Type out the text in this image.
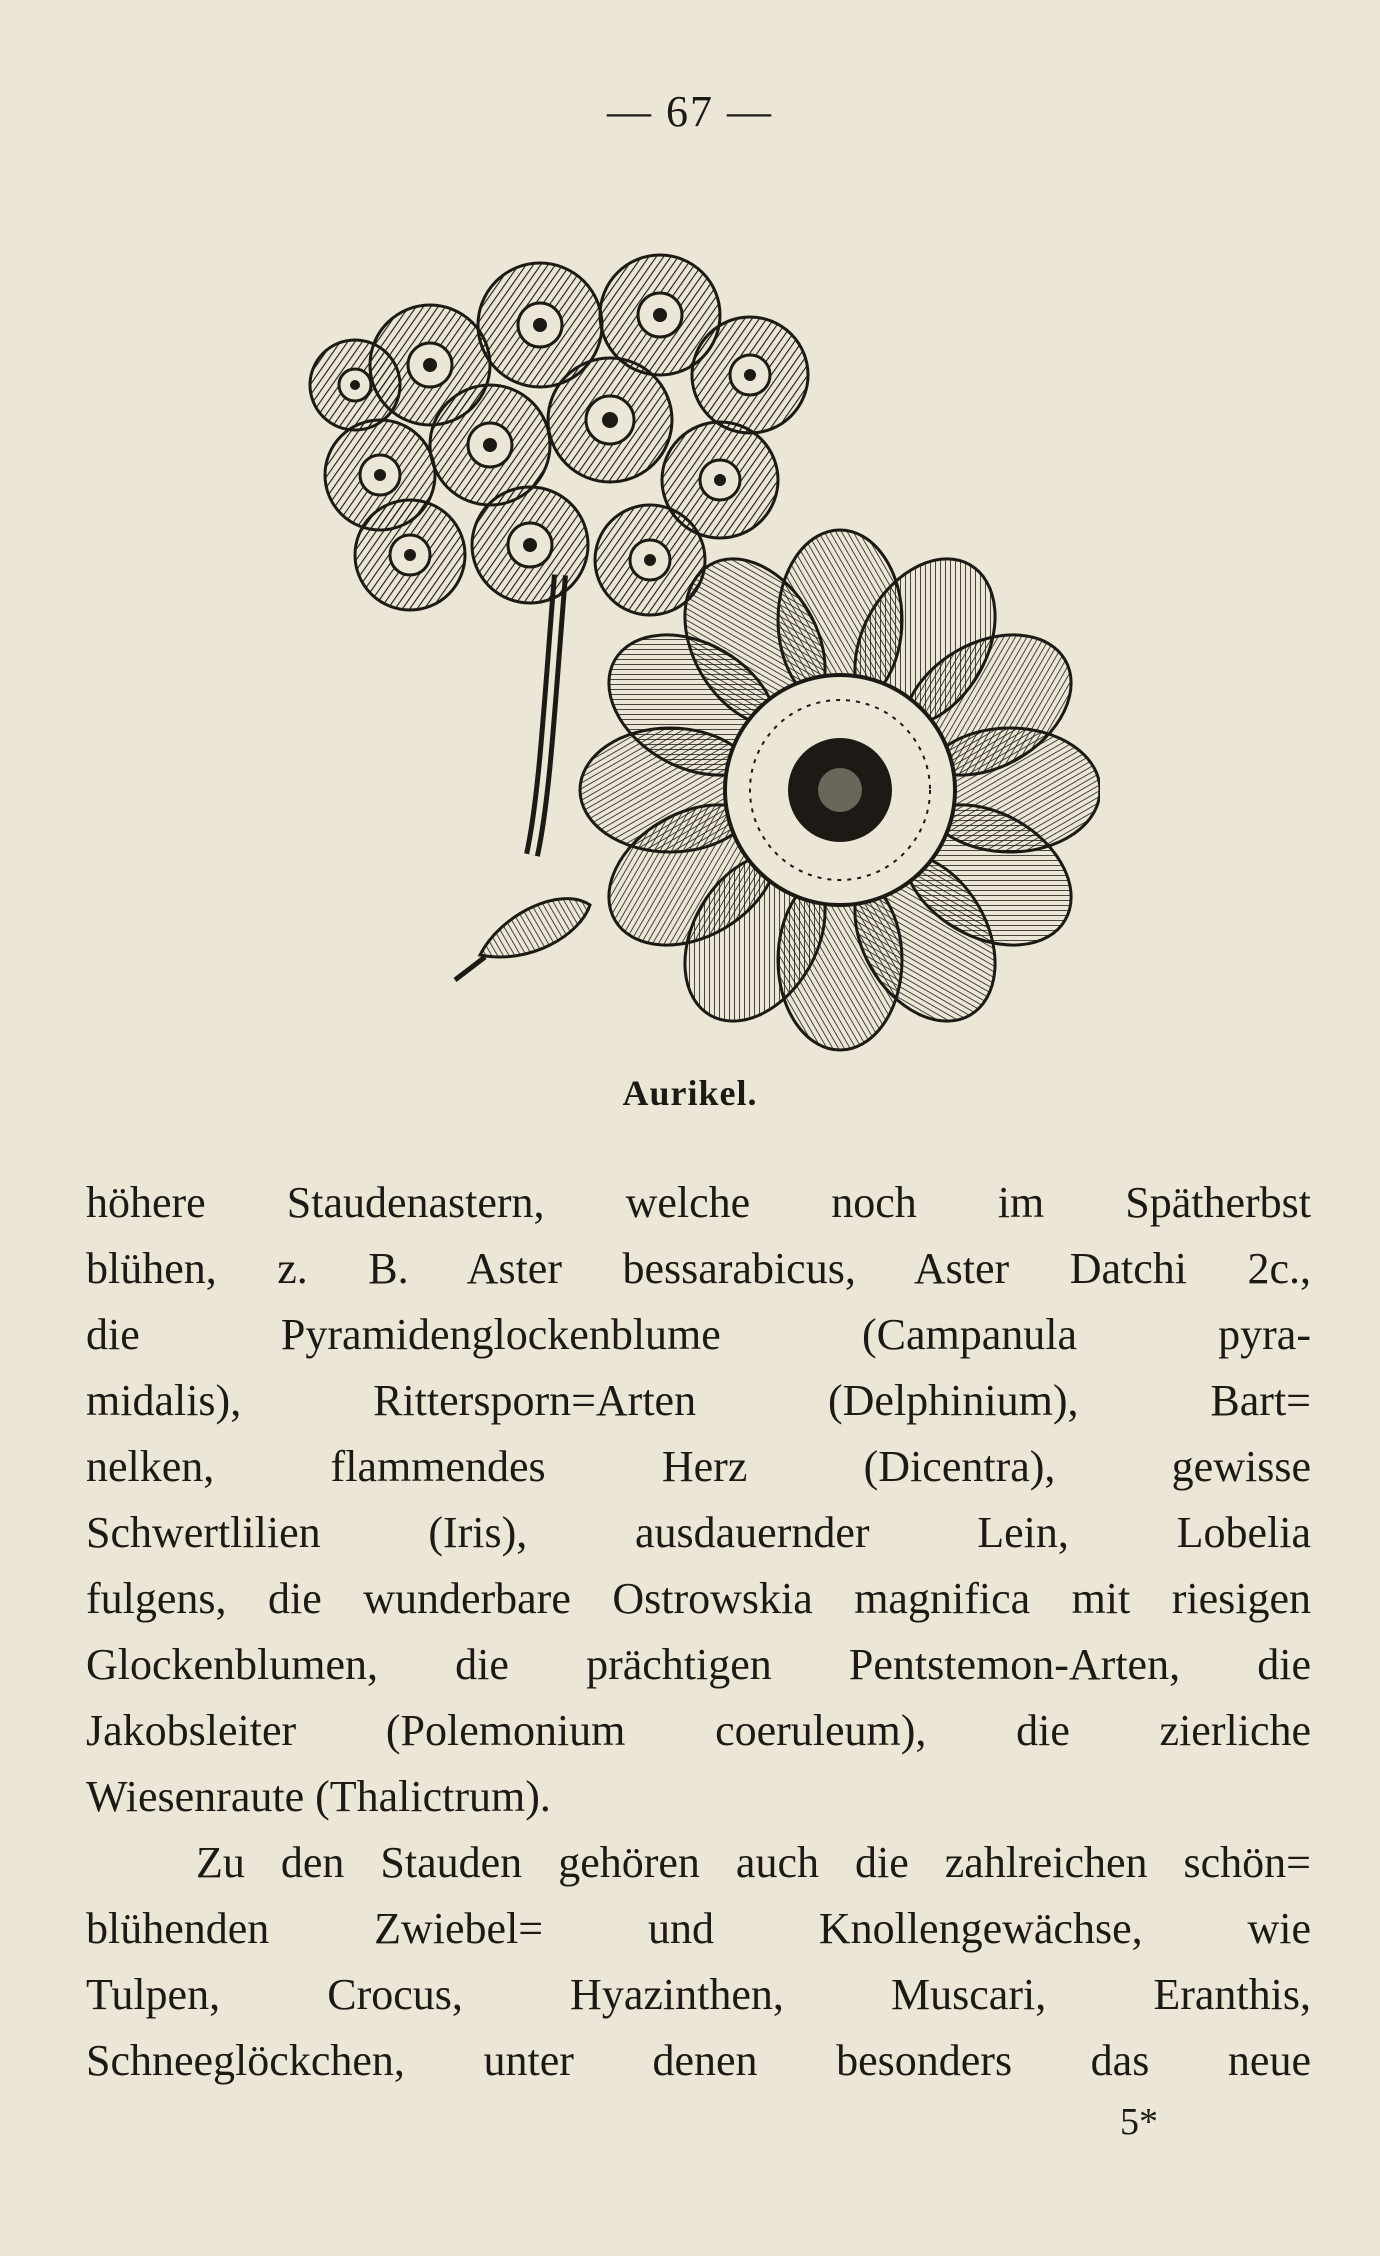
— 67 —
Aurikel.
höhere Staudenastern, welche noch im Spätherbst
blühen, z. B. Aster bessarabicus, Aster Datchi 2c.,
die Pyramidenglockenblume (Campanula pyra-
midalis), Rittersporn=Arten (Delphinium), Bart=
nelken, flammendes Herz (Dicentra), gewisse
Schwertlilien (Iris), ausdauernder Lein, Lobelia
fulgens, die wunderbare Ostrowskia magnifica mit riesigen
Glockenblumen, die prächtigen Pentstemon-Arten, die
Jakobsleiter (Polemonium coeruleum), die zierliche
Wiesenraute (Thalictrum).
Zu den Stauden gehören auch die zahlreichen schön=
blühenden Zwiebel= und Knollengewächse, wie
Tulpen, Crocus, Hyazinthen, Muscari, Eranthis,
Schneeglöckchen, unter denen besonders das neue
5*
